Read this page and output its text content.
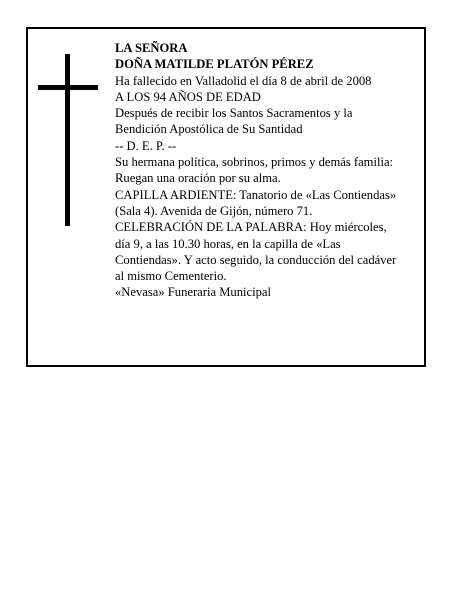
LA SEÑORA
DOÑA MATILDE PLATÓN PÉREZ
Ha fallecido en Valladolid el día 8 de abril de 2008
A LOS 94 AÑOS DE EDAD
Después de recibir los Santos Sacramentos y la
Bendición Apostólica de Su Santidad
-- D. E. P. --
Su hermana política, sobrinos, primos y demás familia:
Ruegan una oración por su alma.
CAPILLA ARDIENTE: Tanatorio de «Las Contiendas»
(Sala 4). Avenida de Gijón, número 71.
CELEBRACIÓN DE LA PALABRA: Hoy miércoles,
día 9, a las 10.30 horas, en la capilla de «Las
Contiendas». Y acto seguido, la conducción del cadáver
al mismo Cementerio.
«Nevasa» Funeraria Municipal
